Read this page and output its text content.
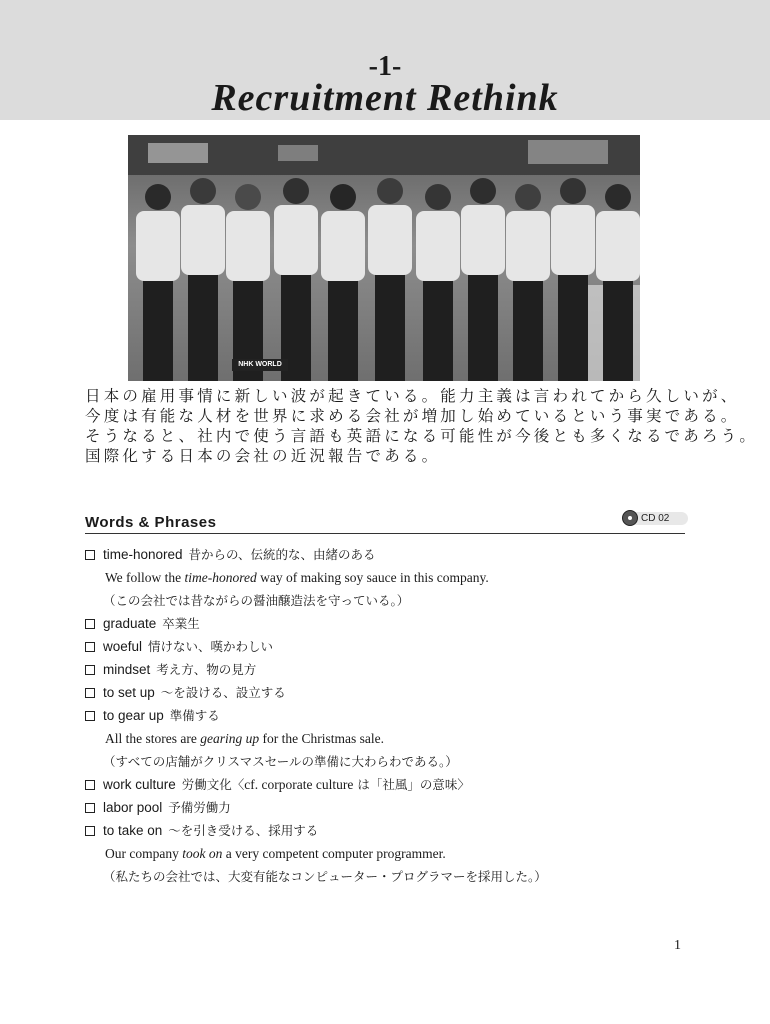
-1-
Recruitment Rethink
NHK WORLD
日本の雇用事情に新しい波が起きている。能力主義は言われてから久しいが、
今度は有能な人材を世界に求める会社が増加し始めているという事実である。
そうなると、社内で使う言語も英語になる可能性が今後とも多くなるであろう。
国際化する日本の会社の近況報告である。
Words & Phrases	CD 02
time-honored 昔からの、伝統的な、由緒のある
We follow the time-honored way of making soy sauce in this company.
（この会社では昔ながらの醤油醸造法を守っている。）
graduate 卒業生
woeful 情けない、嘆かわしい
mindset 考え方、物の見方
to set up ～を設ける、設立する
to gear up 準備する
All the stores are gearing up for the Christmas sale.
（すべての店舗がクリスマスセールの準備に大わらわである。）
work culture 労働文化〈cf. corporate culture は「社風」の意味〉
labor pool 予備労働力
to take on ～を引き受ける、採用する
Our company took on a very competent computer programmer.
（私たちの会社では、大変有能なコンピューター・プログラマーを採用した。）
1
